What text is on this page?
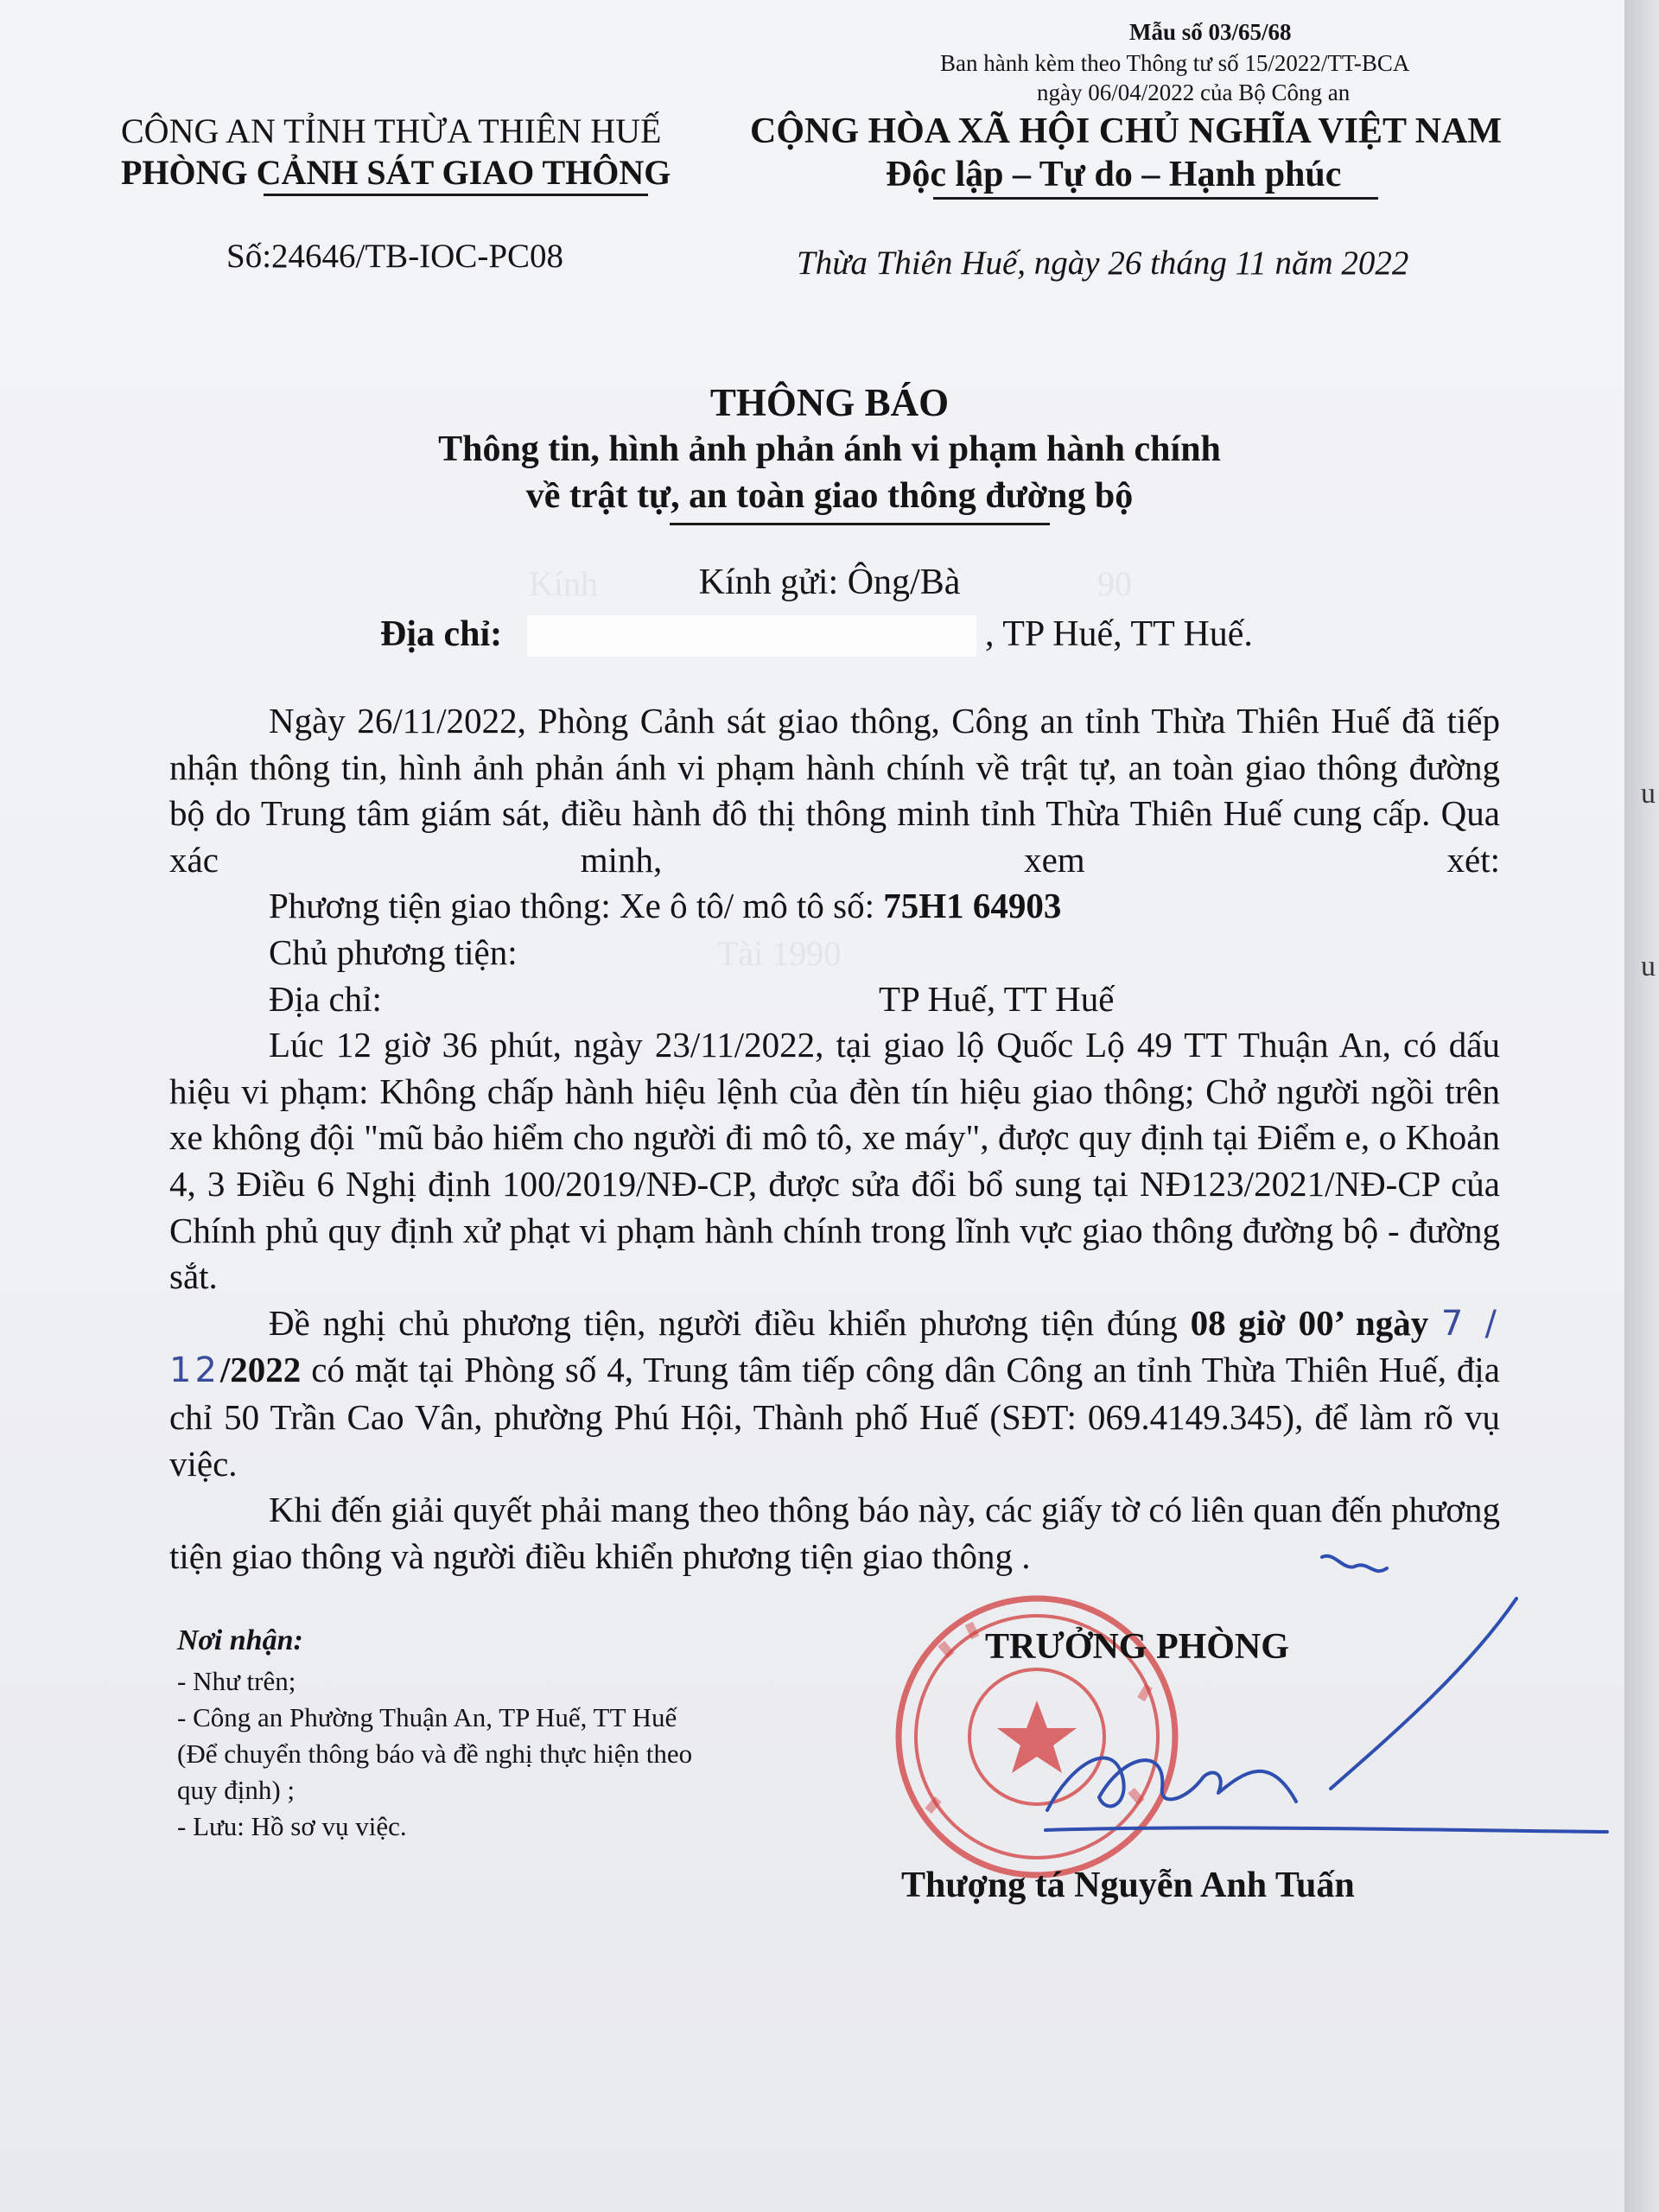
Kính	90
Tài 1990
Mẫu số 03/65/68
Ban hành kèm theo Thông tư số 15/2022/TT-BCA
ngày 06/04/2022 của Bộ Công an
CÔNG AN TỈNH THỪA THIÊN HUẾ
PHÒNG CẢNH SÁT GIAO THÔNG
Số:24646/TB-IOC-PC08
CỘNG HÒA XÃ HỘI CHỦ NGHĨA VIỆT NAM
Độc lập – Tự do – Hạnh phúc
Thừa Thiên Huế, ngày 26 tháng 11 năm 2022
THÔNG BÁO
Thông tin, hình ảnh phản ánh vi phạm hành chính
về trật tự, an toàn giao thông đường bộ
Kính gửi: Ông/Bà
Địa chỉ:	, TP Huế, TT Huế.

Ngày 26/11/2022, Phòng Cảnh sát giao thông, Công an tỉnh Thừa Thiên Huế đã tiếp nhận thông tin, hình ảnh phản ánh vi phạm hành chính về trật tự, an toàn giao thông đường bộ do Trung tâm giám sát, điều hành đô thị thông minh tỉnh Thừa Thiên Huế cung cấp. Qua xác minh, xem xét:

Phương tiện giao thông: Xe ô tô/ mô tô số: 75H1 64903

Chủ phương tiện:

Địa chỉ:	TP Huế, TT Huế

Lúc 12 giờ 36 phút, ngày 23/11/2022, tại giao lộ Quốc Lộ 49 TT Thuận An, có dấu hiệu vi phạm: Không chấp hành hiệu lệnh của đèn tín hiệu giao thông; Chở người ngồi trên xe không đội "mũ bảo hiểm cho người đi mô tô, xe máy", được quy định tại Điểm e, o Khoản 4, 3 Điều 6 Nghị định 100/2019/NĐ-CP, được sửa đổi bổ sung tại NĐ123/2021/NĐ-CP của Chính phủ quy định xử phạt vi phạm hành chính trong lĩnh vực giao thông đường bộ - đường sắt.

Đề nghị chủ phương tiện, người điều khiển phương tiện đúng 08 giờ 00’ ngày 7 / 12/2022 có mặt tại Phòng số 4, Trung tâm tiếp công dân Công an tỉnh Thừa Thiên Huế, địa chỉ 50 Trần Cao Vân, phường Phú Hội, Thành phố Huế (SĐT: 069.4149.345), để làm rõ vụ việc.

Khi đến giải quyết phải mang theo thông báo này, các giấy tờ có liên quan đến phương tiện giao thông và người điều khiển phương tiện giao thông .

Nơi nhận:
- Như trên;
- Công an Phường Thuận An, TP Huế, TT Huế
(Để chuyển thông báo và đề nghị thực hiện theo
quy định) ;
- Lưu: Hồ sơ vụ việc.
TRƯỞNG PHÒNG
Thượng tá Nguyễn Anh Tuấn
u
u
